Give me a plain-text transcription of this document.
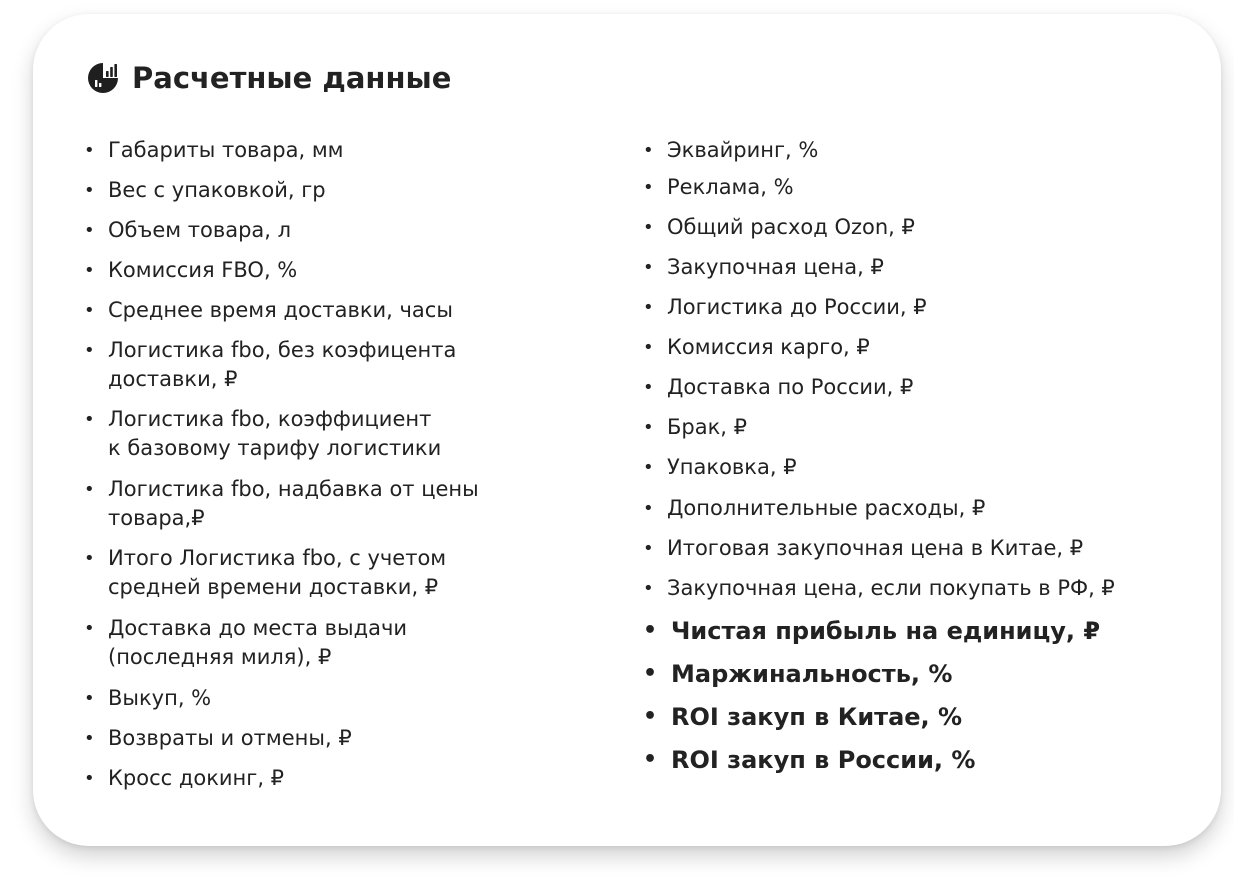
Расчетные данные
• Габариты товара, мм
• Вес с упаковкой, гр
• Объем товара, л
• Комиссия FBO, %
• Среднее время доставки, часы
• Логистика fbo, без коэфицента
доставки, ₽
• Логистика fbo, коэффициент
к базовому тарифу логистики
• Логистика fbo, надбавка от цены
товара,₽
• Итого Логистика fbo, с учетом
средней времени доставки, ₽
• Доставка до места выдачи
(последняя миля), ₽
• Выкуп, %
• Возвраты и отмены, ₽
• Кросс докинг, ₽
• Эквайринг, %
• Реклама, %
• Общий расход Ozon, ₽
• Закупочная цена, ₽
• Логистика до России, ₽
• Комиссия карго, ₽
• Доставка по России, ₽
• Брак, ₽
• Упаковка, ₽
• Дополнительные расходы, ₽
• Итоговая закупочная цена в Китае, ₽
• Закупочная цена, если покупать в РФ, ₽
• Чистая прибыль на единицу, ₽
• Маржинальность, %
• ROI закуп в Китае, %
• ROI закуп в России, %
